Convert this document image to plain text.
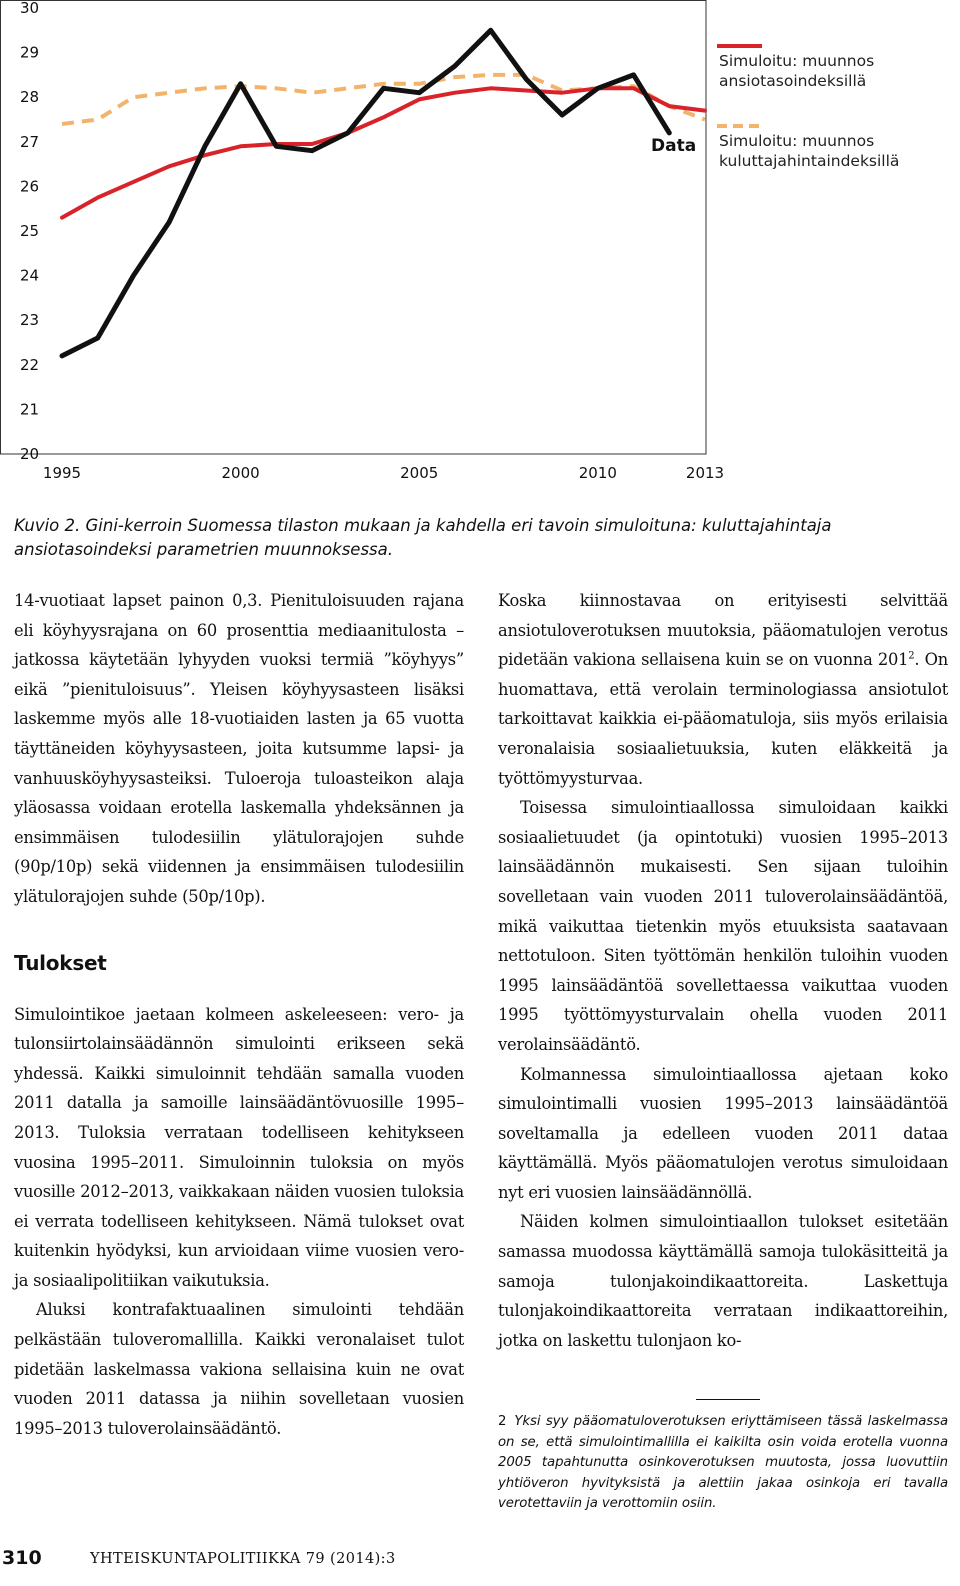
30
29
28
27
26
25
24
23
22
21
20
1995	2000	2005	2010	2013
Data
Simuloitu: muunnos
ansiotasoindeksillä
Simuloitu: muunnos
kuluttajahintaindeksillä
Kuvio 2. Gini-kerroin Suomessa tilaston mukaan ja kahdella eri tavoin simuloituna: kuluttajahintaja ansiotasoindeksi parametrien muunnoksessa.

14-vuotiaat lapset painon 0,3. Pienituloisuuden rajana eli köyhyysrajana on 60 prosenttia mediaanitulosta – jatkossa käytetään lyhyyden vuoksi termiä ”köyhyys” eikä ”pienituloisuus”. Yleisen köyhyysasteen lisäksi laskemme myös alle 18-vuotiaiden lasten ja 65 vuotta täyttäneiden köyhyysasteen, joita kutsumme lapsi- ja vanhuusköyhyysasteiksi. Tuloeroja tuloasteikon alaja yläosassa voidaan erotella laskemalla yhdeksännen ja ensimmäisen tulodesiilin ylätulorajojen suhde (90p/10p) sekä viidennen ja ensimmäisen tulodesiilin ylätulorajojen suhde (50p/10p).

Tulokset

Simulointikoe jaetaan kolmeen askeleeseen: vero- ja tulonsiirtolainsäädännön simulointi erikseen sekä yhdessä. Kaikki simuloinnit tehdään samalla vuoden 2011 datalla ja samoille lainsäädäntövuosille 1995–2013. Tuloksia verrataan todelliseen kehitykseen vuosina 1995–2011. Simuloinnin tuloksia on myös vuosille 2012–2013, vaikkakaan näiden vuosien tuloksia ei verrata todelliseen kehitykseen. Nämä tulokset ovat kuitenkin hyödyksi, kun arvioidaan viime vuosien vero- ja sosiaalipolitiikan vaikutuksia.

Aluksi kontrafaktuaalinen simulointi tehdään pelkästään tuloveromallilla. Kaikki veronalaiset tulot pidetään laskelmassa vakiona sellaisina kuin ne ovat vuoden 2011 datassa ja niihin sovelletaan vuosien 1995–2013 tuloverolainsäädäntö.

Koska kiinnostavaa on erityisesti selvittää ansiotuloverotuksen muutoksia, pääomatulojen verotus pidetään vakiona sellaisena kuin se on vuonna $201^2$. On huomattava, että verolain terminologiassa ansiotulot tarkoittavat kaikkia ei-pääomatuloja, siis myös erilaisia veronalaisia sosiaalietuuksia, kuten eläkkeitä ja työttömyysturvaa.

Toisessa simulointiaallossa simuloidaan kaikki sosiaalietuudet (ja opintotuki) vuosien 1995–2013 lainsäädännön mukaisesti. Sen sijaan tuloihin sovelletaan vain vuoden 2011 tuloverolainsäädäntöä, mikä vaikuttaa tietenkin myös etuuksista saatavaan nettotuloon. Siten työttömän henkilön tuloihin vuoden 1995 lainsäädäntöä sovellettaessa vaikuttaa vuoden 1995 työttömyysturvalain ohella vuoden 2011 verolainsäädäntö.

Kolmannessa simulointiaallossa ajetaan koko simulointimalli vuosien 1995–2013 lainsäädäntöä soveltamalla ja edelleen vuoden 2011 dataa käyttämällä. Myös pääomatulojen verotus simuloidaan nyt eri vuosien lainsäädännöllä.

Näiden kolmen simulointiaallon tulokset esitetään samassa muodossa käyttämällä samoja tulokäsitteitä ja samoja tulonjakoindikaattoreita. Laskettuja tulonjakoindikaattoreita verrataan indikaattoreihin, jotka on laskettu tulonjaon ko-

2 Yksi syy pääomatuloverotuksen eriyttämiseen tässä laskelmassa on se, että simulointimallilla ei kaikilta osin voida erotella vuonna 2005 tapahtunutta osinkoverotuksen muutosta, jossa luovuttiin yhtiöveron hyvityksistä ja alettiin jakaa osinkoja eri tavalla verotettaviin ja verottomiin osiin.
310	YHTEISKUNTAPOLITIIKKA 79 (2014):3
